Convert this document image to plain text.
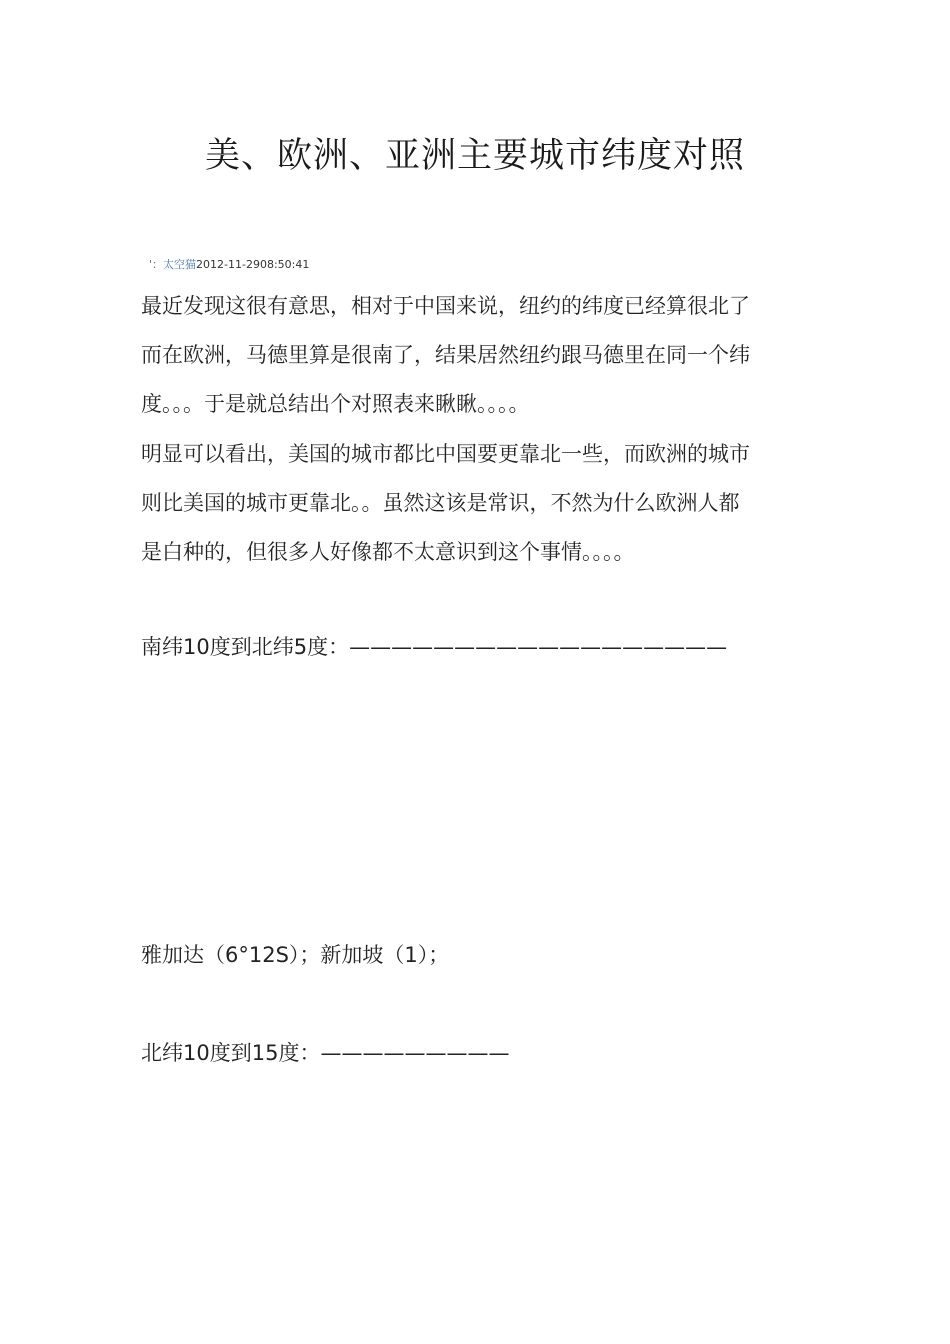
美、欧洲、亚洲主要城市纬度对照
'：太空猫2012-11-2908:50:41
最近发现这很有意思，相对于中国来说，纽约的纬度已经算很北了
而在欧洲，马德里算是很南了，结果居然纽约跟马德里在同一个纬
度。。。于是就总结出个对照表来瞅瞅。。。。
明显可以看出，美国的城市都比中国要更靠北一些，而欧洲的城市
则比美国的城市更靠北。。虽然这该是常识，不然为什么欧洲人都
是白种的，但很多人好像都不太意识到这个事情。。。。
南纬10度到北纬5度：——————————————————
雅加达（6°12S）；新加坡（1）；
北纬10度到15度：—————————
